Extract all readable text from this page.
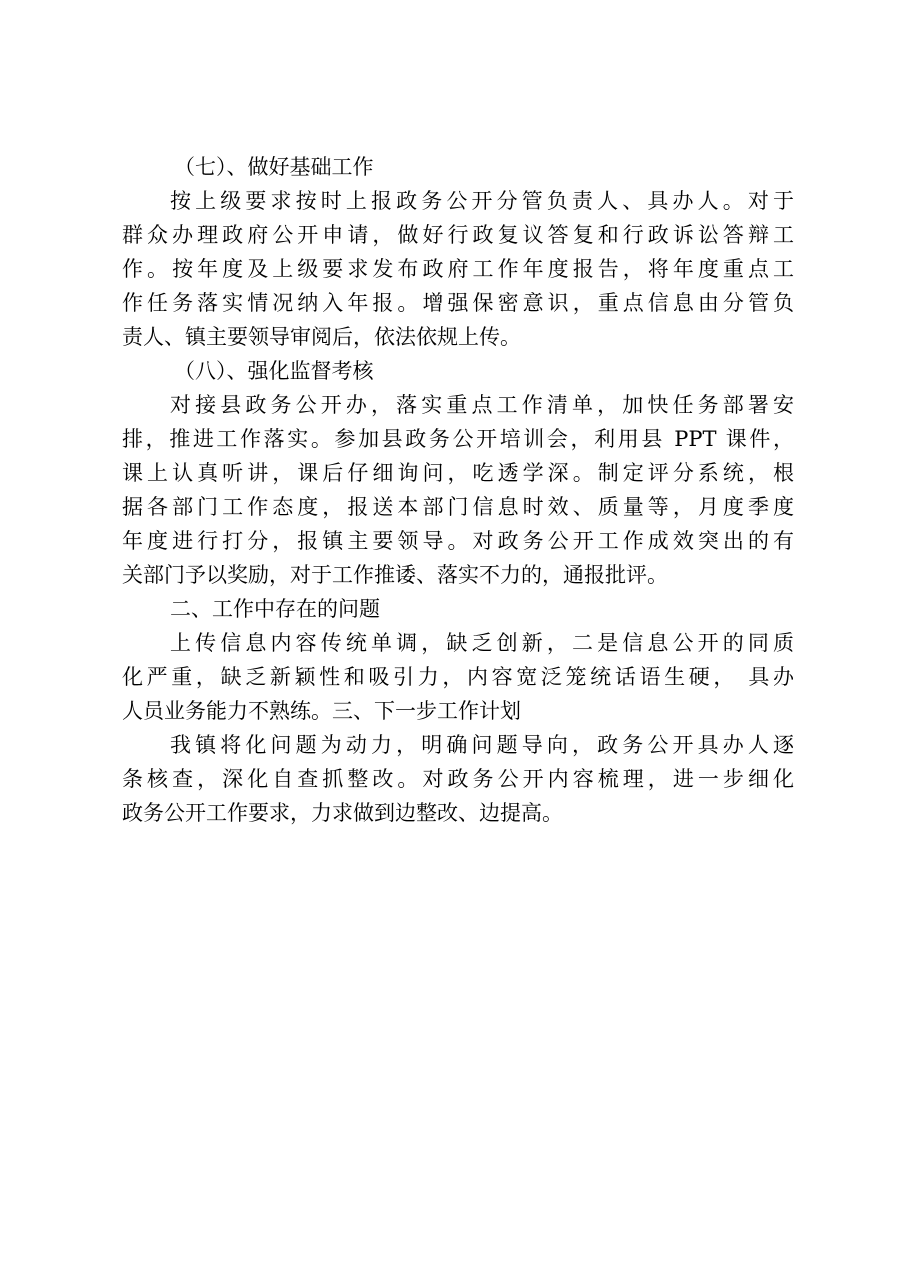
（七）、做好基础工作
按上级要求按时上报政务公开分管负责人、具办人。对于
群众办理政府公开申请，做好行政复议答复和行政诉讼答辩工
作。按年度及上级要求发布政府工作年度报告，将年度重点工
作任务落实情况纳入年报。增强保密意识，重点信息由分管负
责人、镇主要领导审阅后，依法依规上传。
（八）、强化监督考核
对接县政务公开办，落实重点工作清单，加快任务部署安
排，推进工作落实。参加县政务公开培训会，利用县 PPT 课件，
课上认真听讲，课后仔细询问，吃透学深。制定评分系统，根
据各部门工作态度，报送本部门信息时效、质量等，月度季度
年度进行打分，报镇主要领导。对政务公开工作成效突出的有
关部门予以奖励，对于工作推诿、落实不力的，通报批评。
二、工作中存在的问题
上传信息内容传统单调，缺乏创新，二是信息公开的同质
化严重，缺乏新颖性和吸引力，内容宽泛笼统话语生硬， 具办
人员业务能力不熟练。三、下一步工作计划
我镇将化问题为动力，明确问题导向，政务公开具办人逐
条核查，深化自查抓整改。对政务公开内容梳理，进一步细化
政务公开工作要求，力求做到边整改、边提高。
